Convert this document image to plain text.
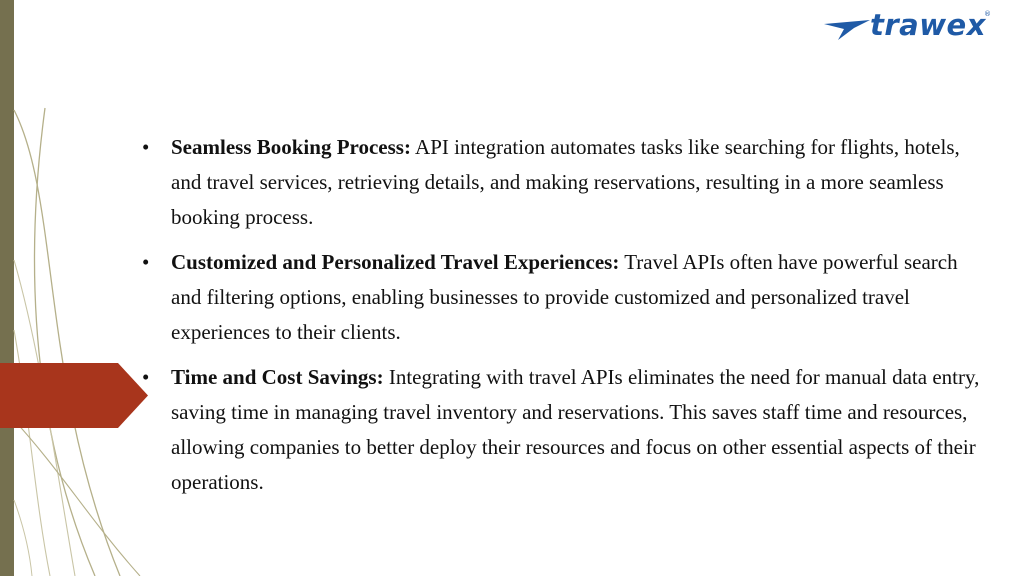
trawex
®
• Seamless Booking Process: API integration automates tasks like searching for flights, hotels, and travel services, retrieving details, and making reservations, resulting in a more seamless booking process.
• Customized and Personalized Travel Experiences: Travel APIs often have powerful search and filtering options, enabling businesses to provide customized and personalized travel experiences to their clients.
• Time and Cost Savings: Integrating with travel APIs eliminates the need for manual data entry, saving time in managing travel inventory and reservations. This saves staff time and resources, allowing companies to better deploy their resources and focus on other essential aspects of their operations.
